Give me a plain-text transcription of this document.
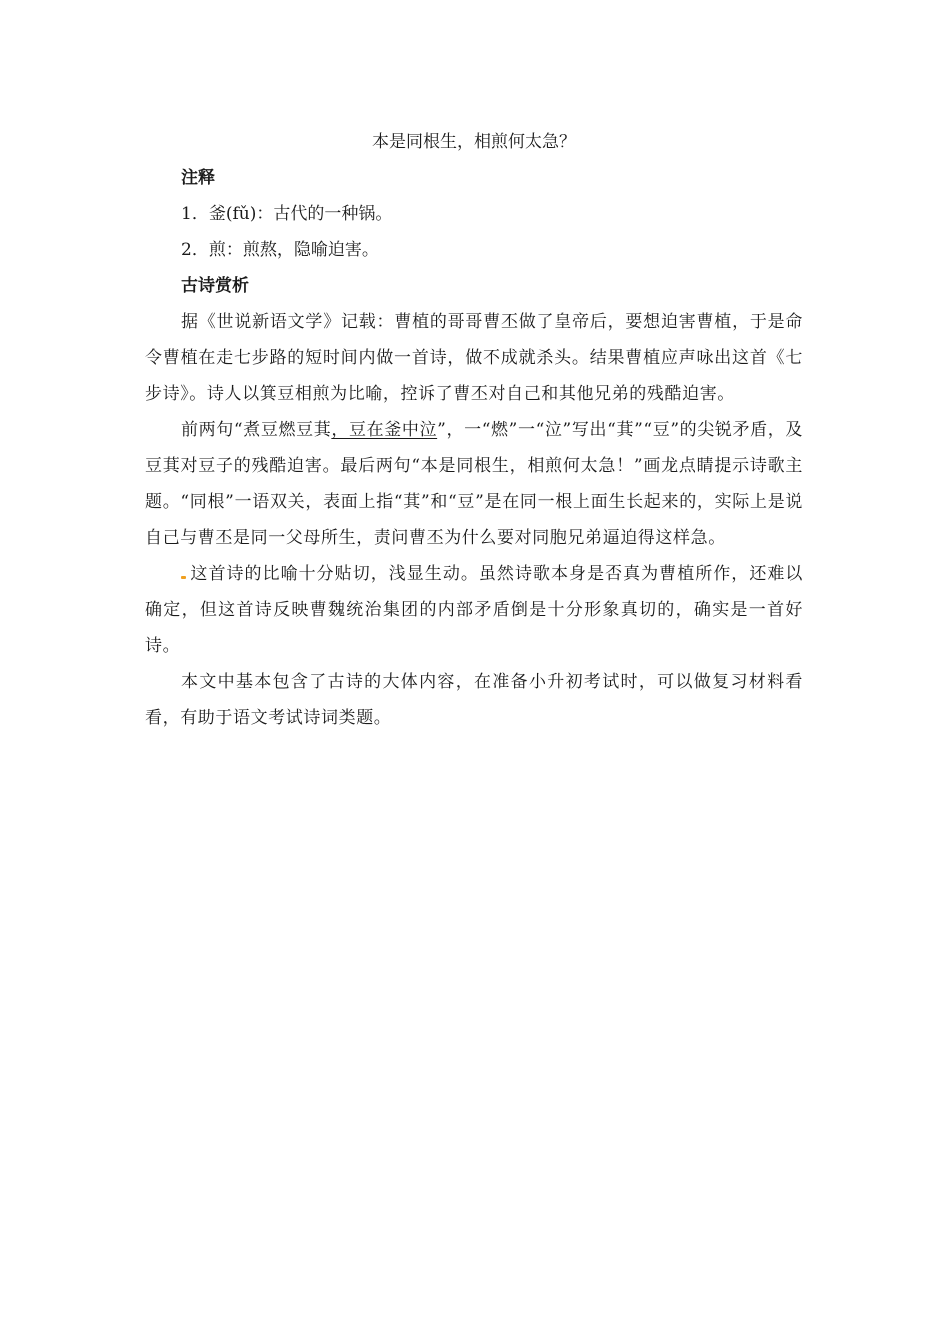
本是同根生，相煎何太急？

注释

1．釜(fǔ)：古代的一种锅。

2．煎：煎熬，隐喻迫害。

古诗赏析

据《世说新语文学》记载：曹植的哥哥曹丕做了皇帝后，要想迫害曹植，于是命令曹植在走七步路的短时间内做一首诗，做不成就杀头。结果曹植应声咏出这首《七步诗》。诗人以箕豆相煎为比喻，控诉了曹丕对自己和其他兄弟的残酷迫害。

前两句“煮豆燃豆萁，豆在釜中泣”，一“燃”一“泣”写出“萁”“豆”的尖锐矛盾，及豆萁对豆子的残酷迫害。最后两句“本是同根生，相煎何太急！”画龙点睛提示诗歌主题。“同根”一语双关，表面上指“萁”和“豆”是在同一根上面生长起来的，实际上是说自己与曹丕是同一父母所生，责问曹丕为什么要对同胞兄弟逼迫得这样急。

这首诗的比喻十分贴切，浅显生动。虽然诗歌本身是否真为曹植所作，还难以确定，但这首诗反映曹魏统治集团的内部矛盾倒是十分形象真切的，确实是一首好诗。

本文中基本包含了古诗的大体内容，在准备小升初考试时，可以做复习材料看看，有助于语文考试诗词类题。
